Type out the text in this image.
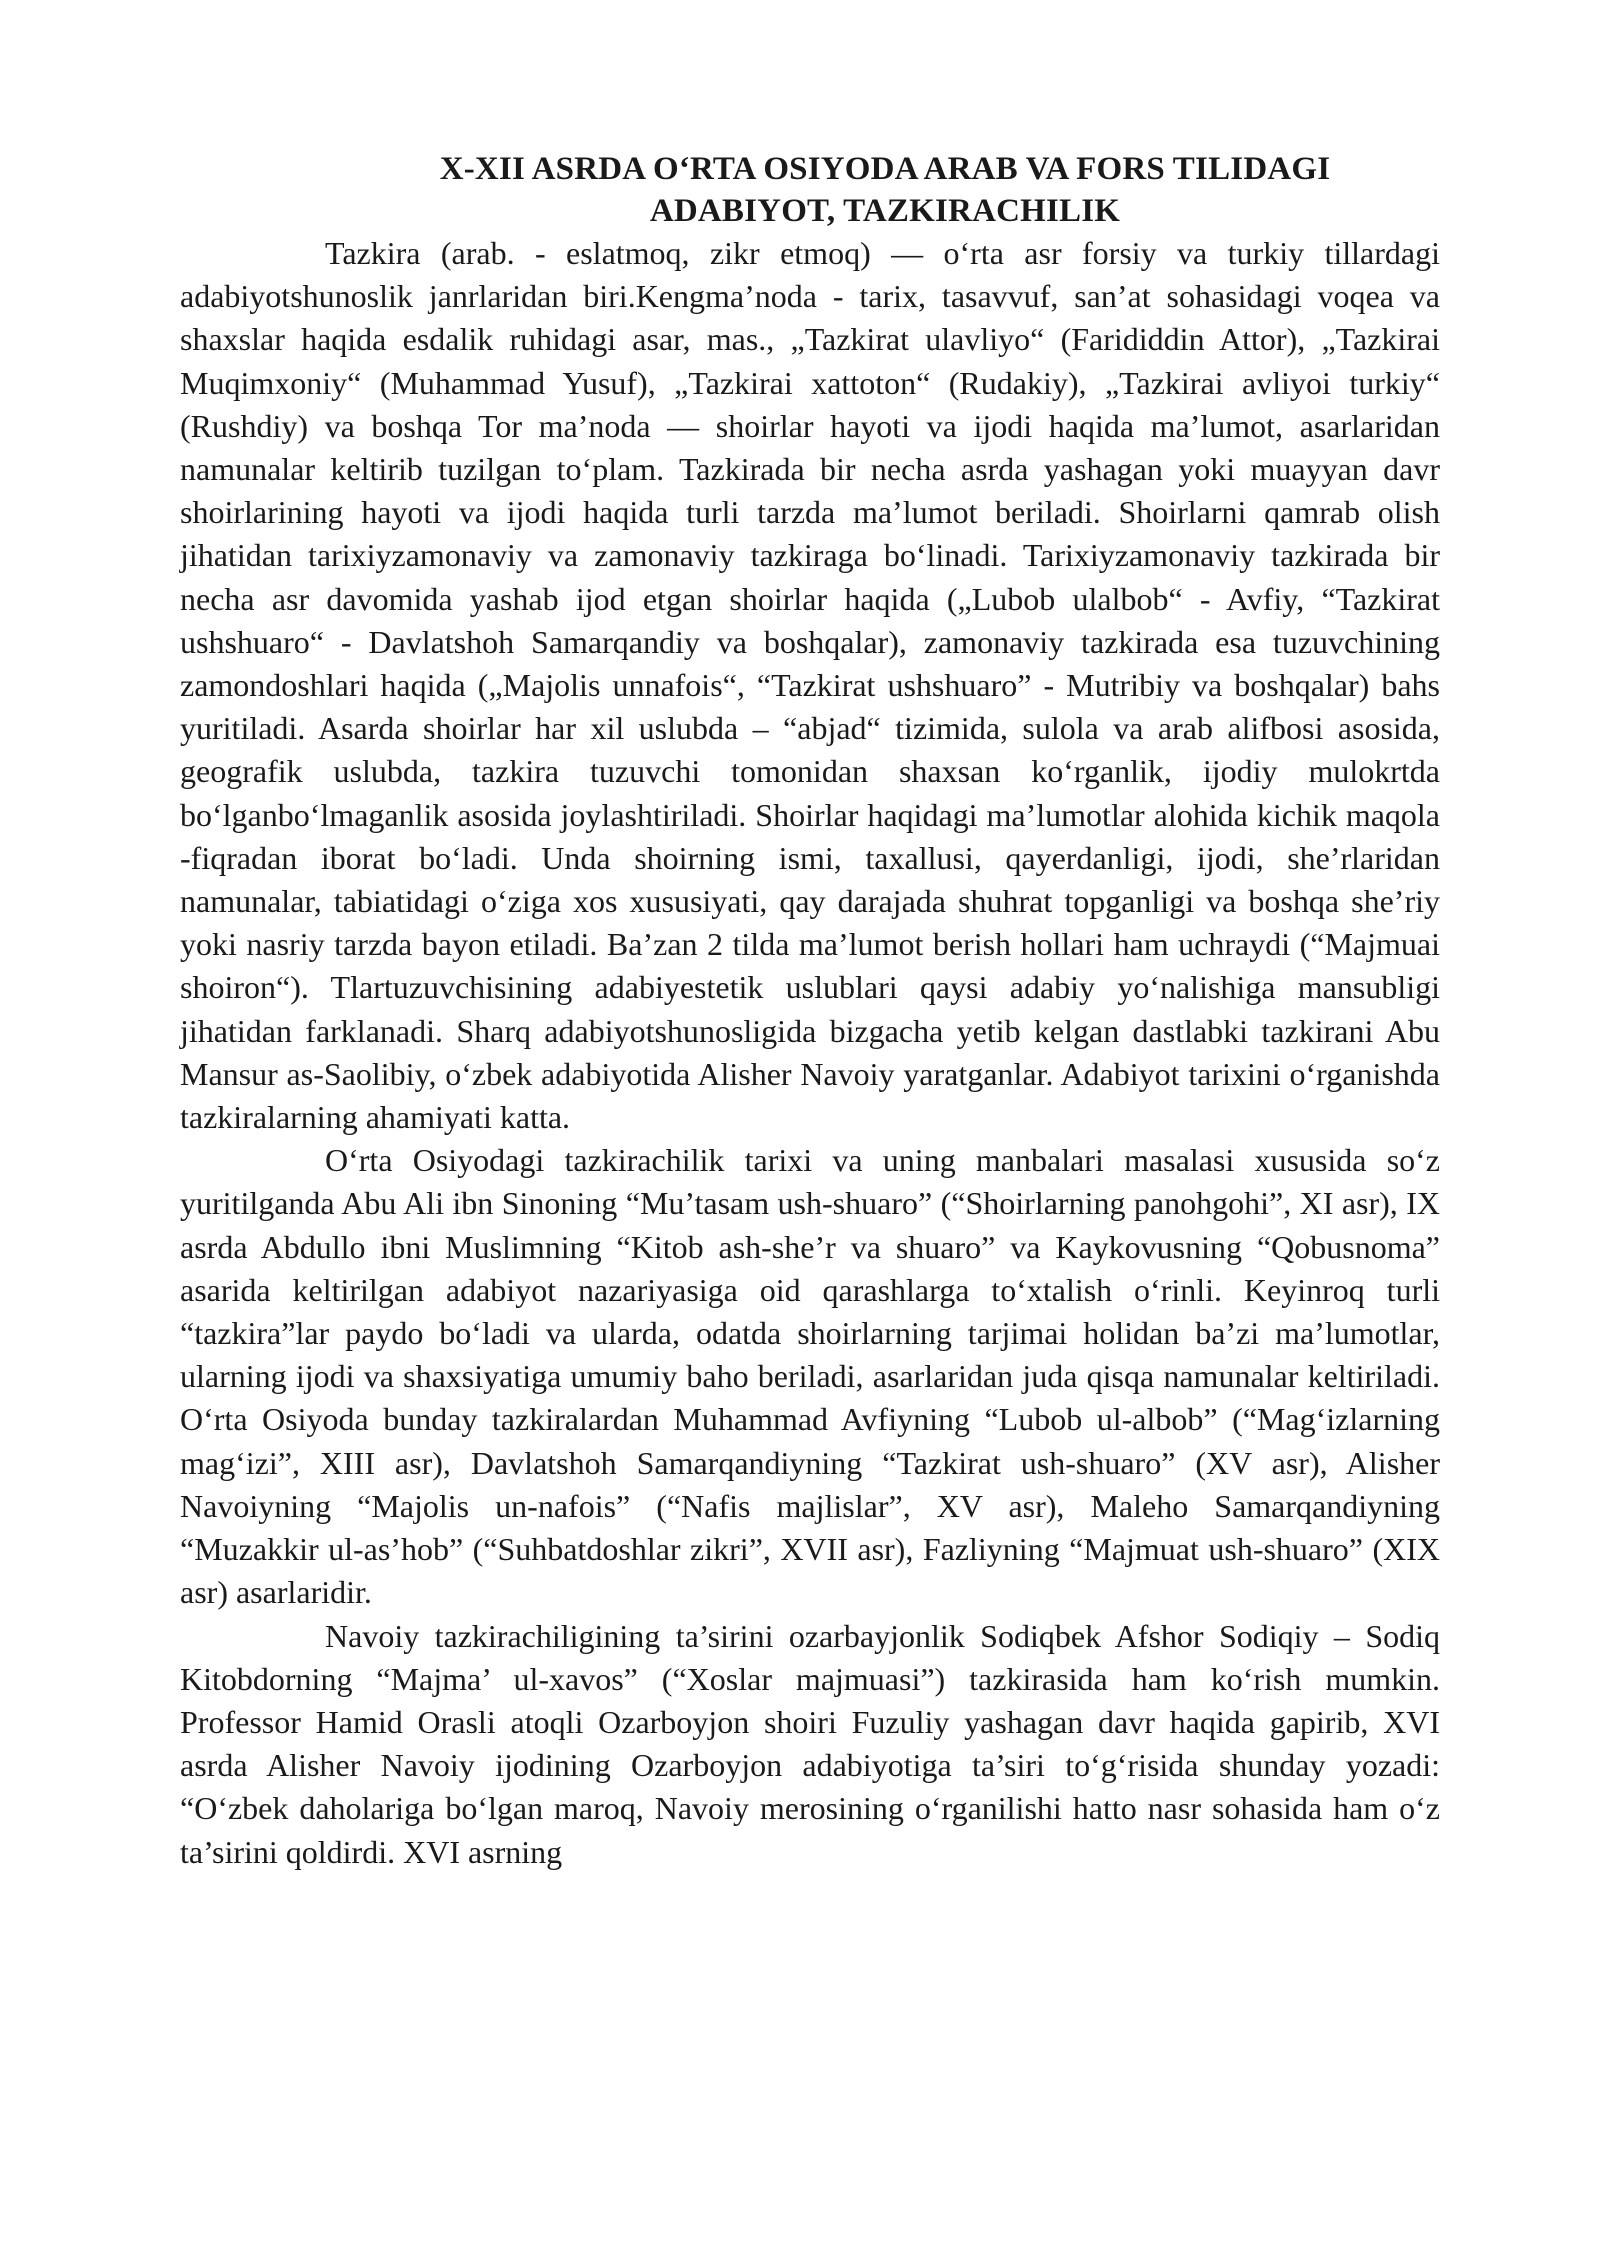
X-XII ASRDA O‘RTA OSIYODA ARAB VA FORS TILIDAGI
ADABIYOT, TAZKIRACHILIK

Tazkira (arab. - eslatmoq, zikr etmoq) — o‘rta asr forsiy va turkiy tillardagi adabiyotshunoslik janrlaridan biri.Kengma’noda - tarix, tasavvuf, san’at sohasidagi voqea va shaxslar haqida esdalik ruhidagi asar, mas., „Tazkirat ulavliyo“ (Farididdin Attor), „Tazkirai Muqimxoniy“ (Muhammad Yusuf), „Tazkirai xattoton“ (Rudakiy), „Tazkirai avliyoi turkiy“ (Rushdiy) va boshqa Tor ma’noda — shoirlar hayoti va ijodi haqida ma’lumot, asarlaridan namunalar keltirib tuzilgan to‘plam. Tazkirada bir necha asrda yashagan yoki muayyan davr shoirlarining hayoti va ijodi haqida turli tarzda ma’lumot beriladi. Shoirlarni qamrab olish jihatidan tarixiyzamonaviy va zamonaviy tazkiraga bo‘linadi. Tarixiyzamonaviy tazkirada bir necha asr davomida yashab ijod etgan shoirlar haqida („Lubob ulalbob“ - Avfiy, “Tazkirat ushshuaro“ - Davlatshoh Samarqandiy va boshqalar), zamonaviy tazkirada esa tuzuvchining zamondoshlari haqida („Majolis unnafois“, “Tazkirat ushshuaro” - Mutribiy va boshqalar) bahs yuritiladi. Asarda shoirlar har xil uslubda – “abjad“ tizimida, sulola va arab alifbosi asosida, geografik uslubda, tazkira tuzuvchi tomonidan shaxsan ko‘rganlik, ijodiy mulokrtda bo‘lganbo‘lmaganlik asosida joylashtiriladi. Shoirlar haqidagi ma’lumotlar alohida kichik maqola -fiqradan iborat bo‘ladi. Unda shoirning ismi, taxallusi, qayerdanligi, ijodi, she’rlaridan namunalar, tabiatidagi o‘ziga xos xususiyati, qay darajada shuhrat topganligi va boshqa she’riy yoki nasriy tarzda bayon etiladi. Ba’zan 2 tilda ma’lumot berish hollari ham uchraydi (“Majmuai shoiron“). Tlartuzuvchisining adabiyestetik uslublari qaysi adabiy yo‘nalishiga mansubligi jihatidan farklanadi. Sharq adabiyotshunosligida bizgacha yetib kelgan dastlabki tazkirani Abu Mansur as-Saolibiy, o‘zbek adabiyotida Alisher Navoiy yaratganlar. Adabiyot tarixini o‘rganishda tazkiralarning ahamiyati katta.

O‘rta Osiyodagi tazkirachilik tarixi va uning manbalari masalasi xususida so‘z yuritilganda Abu Ali ibn Sinoning “Mu’tasam ush-shuaro” (“Shoirlarning panohgohi”, XI asr), IX asrda Abdullo ibni Muslimning “Kitob ash-she’r va shuaro” va Kaykovusning “Qobusnoma” asarida keltirilgan adabiyot nazariyasiga oid qarashlarga to‘xtalish o‘rinli. Keyinroq turli “tazkira”lar paydo bo‘ladi va ularda, odatda shoirlarning tarjimai holidan ba’zi ma’lumotlar, ularning ijodi va shaxsiyatiga umumiy baho beriladi, asarlaridan juda qisqa namunalar keltiriladi. O‘rta Osiyoda bunday tazkiralardan Muhammad Avfiyning “Lubob ul-albob” (“Mag‘izlarning mag‘izi”, XIII asr), Davlatshoh Samarqandiyning “Tazkirat ush-shuaro” (XV asr), Alisher Navoiyning “Majolis un-nafois” (“Nafis majlislar”, XV asr), Maleho Samarqandiyning “Muzakkir ul-as’hob” (“Suhbatdoshlar zikri”, XVII asr), Fazliyning “Majmuat ush-shuaro” (XIX asr) asarlaridir.

Navoiy tazkirachiligining ta’sirini ozarbayjonlik Sodiqbek Afshor Sodiqiy – Sodiq Kitobdorning “Majma’ ul-xavos” (“Xoslar majmuasi”) tazkirasida ham ko‘rish mumkin. Professor Hamid Orasli atoqli Ozarboyjon shoiri Fuzuliy yashagan davr haqida gapirib, XVI asrda Alisher Navoiy ijodining Ozarboyjon adabiyotiga ta’siri to‘g‘risida shunday yozadi: “O‘zbek daholariga bo‘lgan maroq, Navoiy merosining o‘rganilishi hatto nasr sohasida ham o‘z ta’sirini qoldirdi. XVI asrning
